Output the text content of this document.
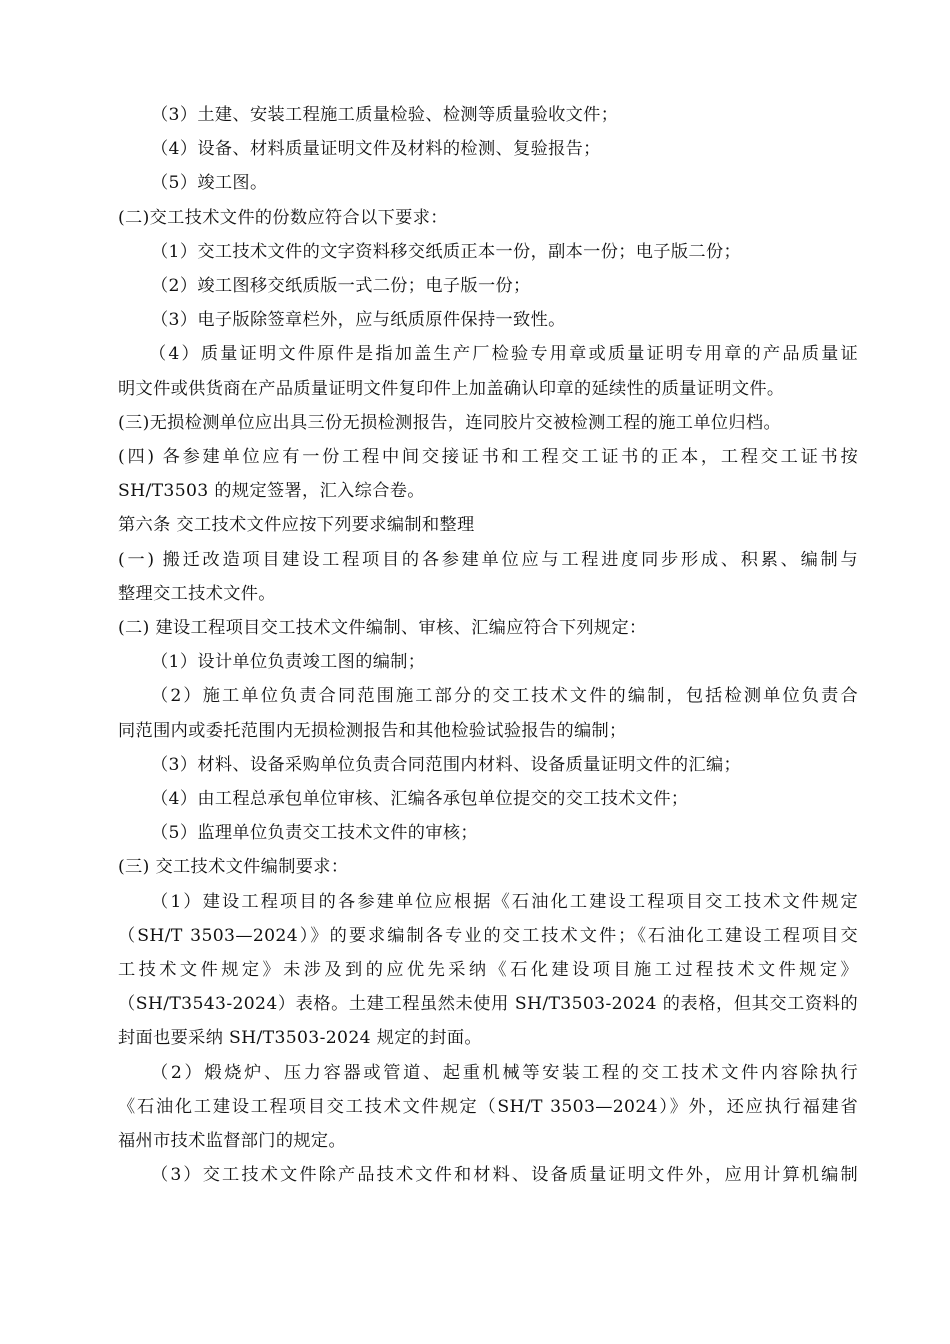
（3）土建、安装工程施工质量检验、检测等质量验收文件；
（4）设备、材料质量证明文件及材料的检测、复验报告；
（5）竣工图。
(二)交工技术文件的份数应符合以下要求：
（1）交工技术文件的文字资料移交纸质正本一份，副本一份；电子版二份；
（2）竣工图移交纸质版一式二份；电子版一份；
（3）电子版除签章栏外，应与纸质原件保持一致性。
（4）质量证明文件原件是指加盖生产厂检验专用章或质量证明专用章的产品质量证
明文件或供货商在产品质量证明文件复印件上加盖确认印章的延续性的质量证明文件。
(三)无损检测单位应出具三份无损检测报告，连同胶片交被检测工程的施工单位归档。
(四) 各参建单位应有一份工程中间交接证书和工程交工证书的正本，工程交工证书按
SH/T3503 的规定签署，汇入综合卷。
第六条 交工技术文件应按下列要求编制和整理
(一) 搬迁改造项目建设工程项目的各参建单位应与工程进度同步形成、积累、编制与
整理交工技术文件。
(二) 建设工程项目交工技术文件编制、审核、汇编应符合下列规定：
（1）设计单位负责竣工图的编制；
（2）施工单位负责合同范围施工部分的交工技术文件的编制，包括检测单位负责合
同范围内或委托范围内无损检测报告和其他检验试验报告的编制；
（3）材料、设备采购单位负责合同范围内材料、设备质量证明文件的汇编；
（4）由工程总承包单位审核、汇编各承包单位提交的交工技术文件；
（5）监理单位负责交工技术文件的审核；
(三) 交工技术文件编制要求：
（1）建设工程项目的各参建单位应根据《石油化工建设工程项目交工技术文件规定
（SH/T 3503—2024）》的要求编制各专业的交工技术文件；《石油化工建设工程项目交
工技术文件规定》未涉及到的应优先采纳《石化建设项目施工过程技术文件规定》
（SH/T3543-2024）表格。土建工程虽然未使用 SH/T3503-2024 的表格，但其交工资料的
封面也要采纳 SH/T3503-2024 规定的封面。
（2）煅烧炉、压力容器或管道、起重机械等安装工程的交工技术文件内容除执行
《石油化工建设工程项目交工技术文件规定（SH/T 3503—2024）》外，还应执行福建省
福州市技术监督部门的规定。
（3）交工技术文件除产品技术文件和材料、设备质量证明文件外，应用计算机编制
